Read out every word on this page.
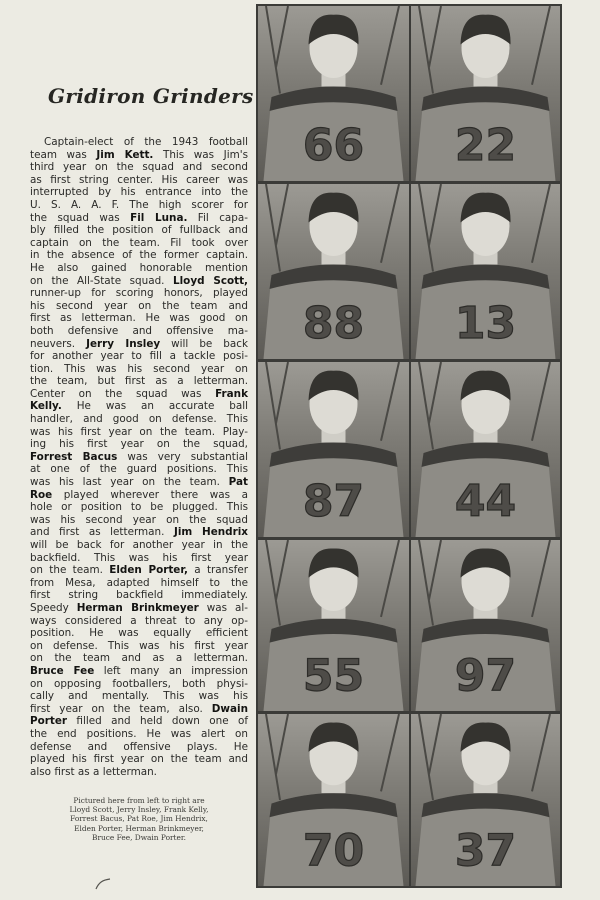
Gridiron Grinders
Captain-elect of the 1943 football
team was Jim Kett. This was Jim's
third year on the squad and second
as first string center. His career was
interrupted by his entrance into the
U. S. A. A. F. The high scorer for
the squad was Fil Luna. Fil capa-
bly filled the position of fullback and
captain on the team. Fil took over
in the absence of the former captain.
He also gained honorable mention
on the All-State squad. Lloyd Scott,
runner-up for scoring honors, played
his second year on the team and
first as letterman. He was good on
both defensive and offensive ma-
neuvers. Jerry Insley will be back
for another year to fill a tackle posi-
tion. This was his second year on
the team, but first as a letterman.
Center on the squad was Frank
Kelly. He was an accurate ball
handler, and good on defense. This
was his first year on the team. Play-
ing his first year on the squad,
Forrest Bacus was very substantial
at one of the guard positions. This
was his last year on the team. Pat
Roe played wherever there was a
hole or position to be plugged. This
was his second year on the squad
and first as letterman. Jim Hendrix
will be back for another year in the
backfield. This was his first year
on the team. Elden Porter, a transfer
from Mesa, adapted himself to the
first string backfield immediately.
Speedy Herman Brinkmeyer was al-
ways considered a threat to any op-
position. He was equally efficient
on defense. This was his first year
on the team and as a letterman.
Bruce Fee left many an impression
on opposing footballers, both physi-
cally and mentally. This was his
first year on the team, also. Dwain
Porter filled and held down one of
the end positions. He was alert on
defense and offensive plays. He
played his first year on the team and
also first as a letterman.
Pictured here from left to right are
Lloyd Scott, Jerry Insley, Frank Kelly,
Forrest Bacus, Pat Roe, Jim Hendrix,
Elden Porter, Herman Brinkmeyer,
Bruce Fee, Dwain Porter.
66 22
88 13
87 44
55 97
70 37
